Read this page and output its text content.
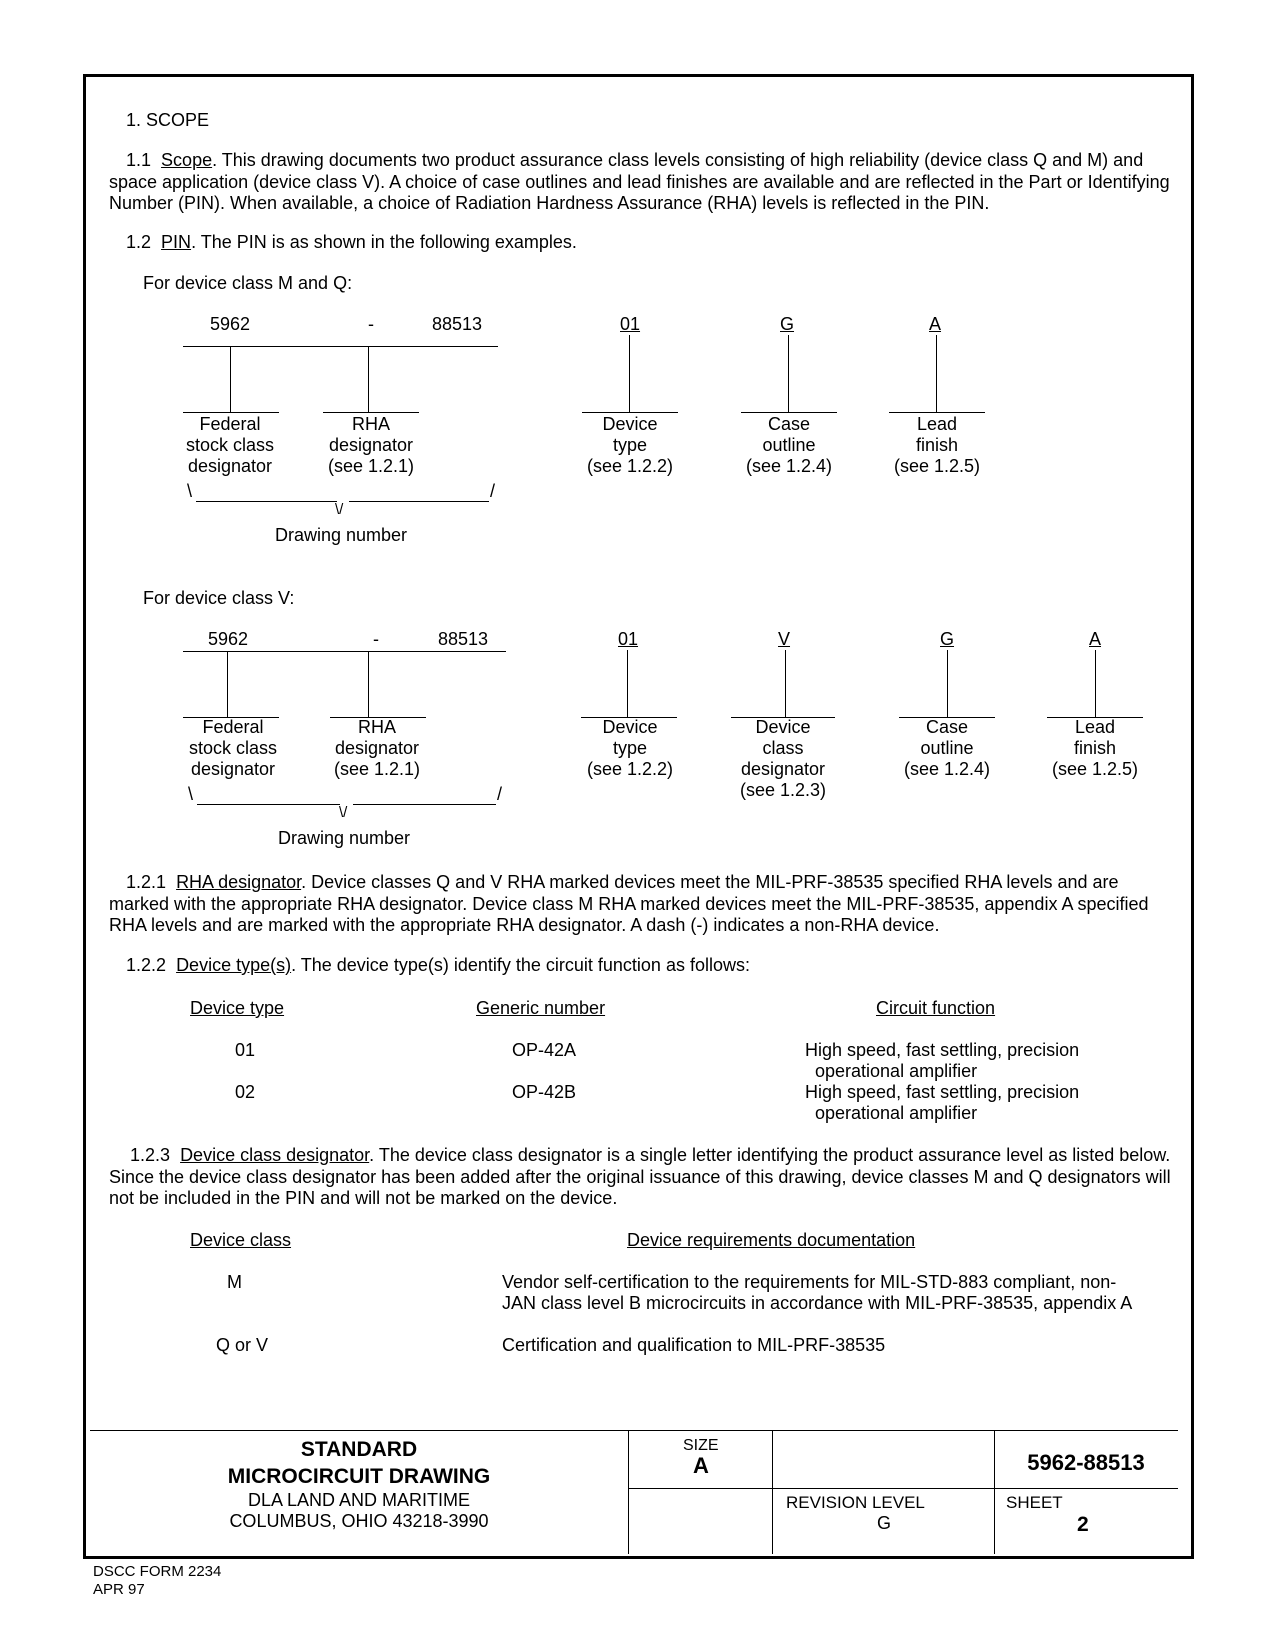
1. SCOPE
1.1 Scope. This drawing documents two product assurance class levels consisting of high reliability (device class Q and M) and space application (device class V). A choice of case outlines and lead finishes are available and are reflected in the Part or Identifying Number (PIN). When available, a choice of Radiation Hardness Assurance (RHA) levels is reflected in the PIN.
1.2 PIN. The PIN is as shown in the following examples.
For device class M and Q:
5962	-	88513	01	G	A
Federal
stock class
designator
RHA
designator
(see 1.2.1)
Device
type
(see 1.2.2)
Case
outline
(see 1.2.4)
Lead
finish
(see 1.2.5)
\	/
\/
Drawing number
For device class V:
5962	-	88513	01	V	G	A
Federal
stock class
designator
RHA
designator
(see 1.2.1)
Device
type
(see 1.2.2)
Device
class
designator
(see 1.2.3)
Case
outline
(see 1.2.4)
Lead
finish
(see 1.2.5)
\	/
\/
Drawing number
1.2.1 RHA designator. Device classes Q and V RHA marked devices meet the MIL-PRF-38535 specified RHA levels and are marked with the appropriate RHA designator. Device class M RHA marked devices meet the MIL-PRF-38535, appendix A specified RHA levels and are marked with the appropriate RHA designator. A dash (-) indicates a non-RHA device.
1.2.2 Device type(s). The device type(s) identify the circuit function as follows:
Device type	Generic number	Circuit function
01	OP-42A	High speed, fast settling, precision
operational amplifier
02	OP-42B	High speed, fast settling, precision
operational amplifier
1.2.3 Device class designator. The device class designator is a single letter identifying the product assurance level as listed below. Since the device class designator has been added after the original issuance of this drawing, device classes M and Q designators will not be included in the PIN and will not be marked on the device.
Device class	Device requirements documentation
M	Vendor self-certification to the requirements for MIL-STD-883 compliant, non-
JAN class level B microcircuits in accordance with MIL-PRF-38535, appendix A
Q or V	Certification and qualification to MIL-PRF-38535
STANDARD
MICROCIRCUIT DRAWING
DLA LAND AND MARITIME
COLUMBUS, OHIO 43218-3990
SIZE
A	5962-88513
REVISION LEVEL
G
SHEET
2
DSCC FORM 2234
APR 97
